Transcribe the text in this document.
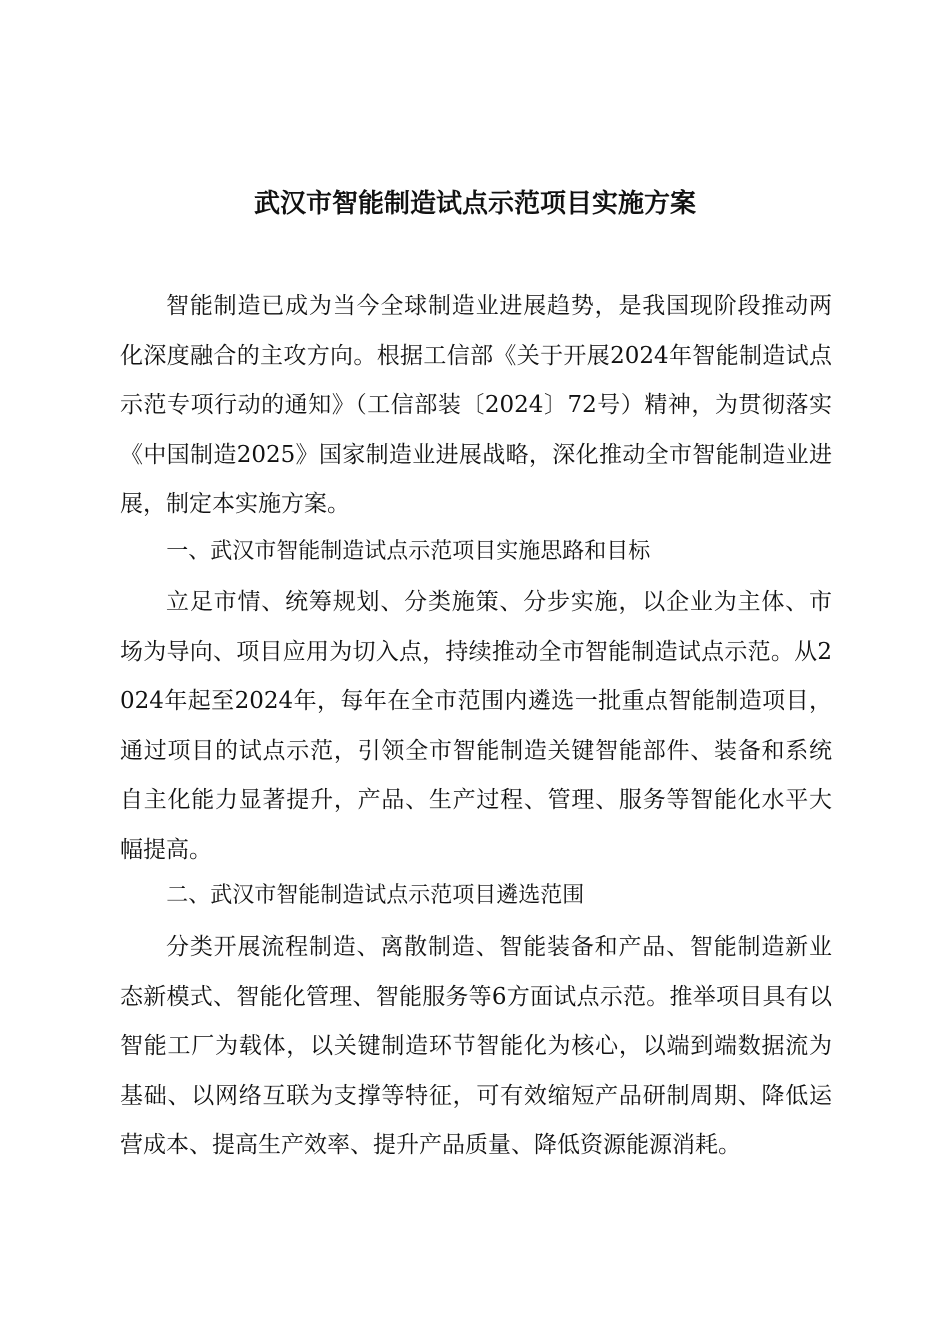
武汉市智能制造试点示范项目实施方案

智能制造已成为当今全球制造业进展趋势，是我国现阶段推动两化深度融合的主攻方向。根据工信部《关于开展2024年智能制造试点示范专项行动的通知》（工信部装〔2024〕72号）精神，为贯彻落实《中国制造2025》国家制造业进展战略，深化推动全市智能制造业进展，制定本实施方案。

一、武汉市智能制造试点示范项目实施思路和目标

立足市情、统筹规划、分类施策、分步实施，以企业为主体、市场为导向、项目应用为切入点，持续推动全市智能制造试点示范。从2024年起至2024年，每年在全市范围内遴选一批重点智能制造项目，通过项目的试点示范，引领全市智能制造关键智能部件、装备和系统自主化能力显著提升，产品、生产过程、管理、服务等智能化水平大幅提高。

二、武汉市智能制造试点示范项目遴选范围

分类开展流程制造、离散制造、智能装备和产品、智能制造新业态新模式、智能化管理、智能服务等6方面试点示范。推举项目具有以智能工厂为载体，以关键制造环节智能化为核心，以端到端数据流为基础、以网络互联为支撑等特征，可有效缩短产品研制周期、降低运营成本、提高生产效率、提升产品质量、降低资源能源消耗。
